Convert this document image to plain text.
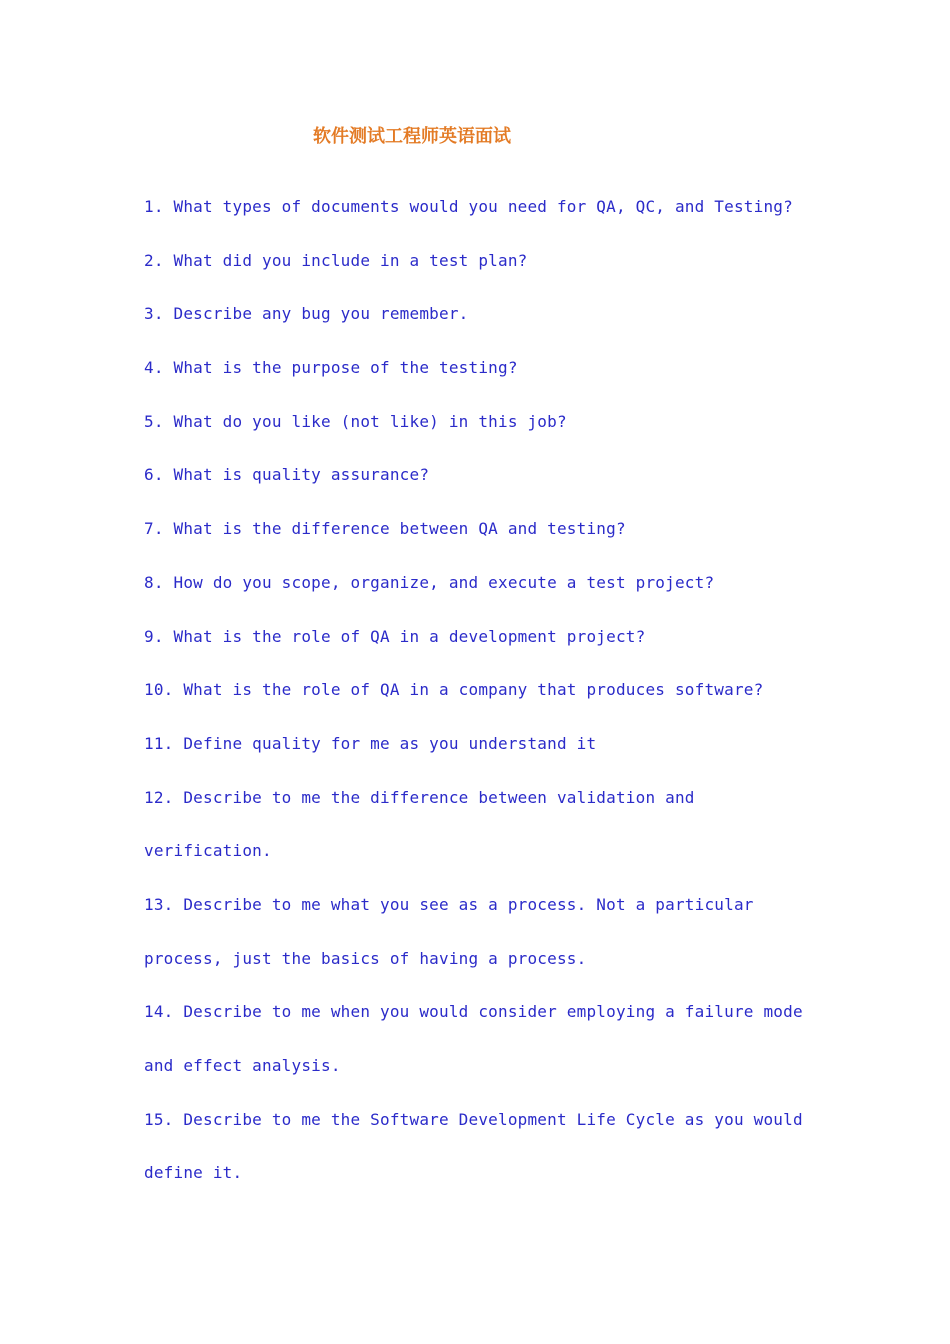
软件测试工程师英语面试
1. What types of documents would you need for QA, QC, and Testing?
2. What did you include in a test plan?
3. Describe any bug you remember.
4. What is the purpose of the testing?
5. What do you like (not like) in this job?
6. What is quality assurance?
7. What is the difference between QA and testing?
8. How do you scope, organize, and execute a test project?
9. What is the role of QA in a development project?
10. What is the role of QA in a company that produces software?
11. Define quality for me as you understand it
12. Describe to me the difference between validation and
verification.
13. Describe to me what you see as a process. Not a particular
process, just the basics of having a process.
14. Describe to me when you would consider employing a failure mode
and effect analysis.
15. Describe to me the Software Development Life Cycle as you would
define it.
